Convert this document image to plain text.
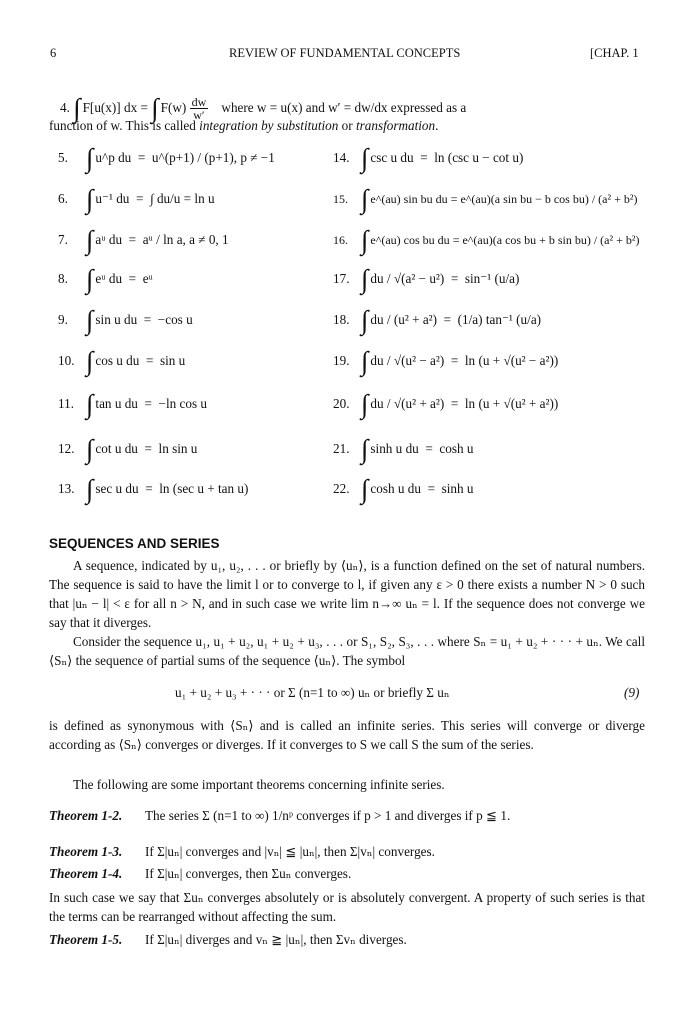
6	REVIEW OF FUNDAMENTAL CONCEPTS	[CHAP. 1
4. ∫ F[u(x)] dx = ∫ $F(w) \frac{dw}{w'}$ where w = u(x) and w′ = dw/dx expressed as a
function of w. This is called integration by substitution or transformation.
5. ∫ u^p du = u^(p+1) / (p+1), p ≠ −1
6. ∫ u⁻¹ du = ∫ du/u = ln u
7. ∫ aᵘ du = aᵘ / ln a, a ≠ 0, 1
8. ∫ eᵘ du = eᵘ
9. ∫ sin u du = −cos u
10. ∫ cos u du = sin u
11. ∫ tan u du = −ln cos u
12. ∫ cot u du = ln sin u
13. ∫ sec u du = ln (sec u + tan u)
14. ∫ csc u du = ln (csc u − cot u)
15. ∫ e^(au) sin bu du = e^(au)(a sin bu − b cos bu) / (a² + b²)
16. ∫ e^(au) cos bu du = e^(au)(a cos bu + b sin bu) / (a² + b²)
17. ∫ du / √(a² − u²) = sin⁻¹ (u/a)
18. ∫ du / (u² + a²) = (1/a) tan⁻¹ (u/a)
19. ∫ du / √(u² − a²) = ln (u + √(u² − a²))
20. ∫ du / √(u² + a²) = ln (u + √(u² + a²))
21. ∫ sinh u du = cosh u
22. ∫ cosh u du = sinh u
SEQUENCES AND SERIES
A sequence, indicated by u₁, u₂, . . . or briefly by ⟨uₙ⟩, is a function defined on the set of natural numbers. The sequence is said to have the limit l or to converge to l, if given any ε > 0 there exists a number N > 0 such that |uₙ − l| < ε for all n > N, and in such case we write lim n→∞ uₙ = l. If the sequence does not converge we say that it diverges.
Consider the sequence u₁, u₁ + u₂, u₁ + u₂ + u₃, . . . or S₁, S₂, S₃, . . . where Sₙ = u₁ + u₂ + · · · + uₙ. We call ⟨Sₙ⟩ the sequence of partial sums of the sequence ⟨uₙ⟩. The symbol
u₁ + u₂ + u₃ + · · · or Σ (n=1 to ∞) uₙ or briefly Σ uₙ	(9)
is defined as synonymous with ⟨Sₙ⟩ and is called an infinite series. This series will converge or diverge according as ⟨Sₙ⟩ converges or diverges. If it converges to S we call S the sum of the series.
The following are some important theorems concerning infinite series.
Theorem 1-2. The series Σ (n=1 to ∞) 1/nᵖ converges if p > 1 and diverges if p ≦ 1.
Theorem 1-3. If Σ|uₙ| converges and |vₙ| ≦ |uₙ|, then Σ|vₙ| converges.
Theorem 1-4. If Σ|uₙ| converges, then Σuₙ converges.
In such case we say that Σuₙ converges absolutely or is absolutely convergent. A property of such series is that the terms can be rearranged without affecting the sum.
Theorem 1-5. If Σ|uₙ| diverges and vₙ ≧ |uₙ|, then Σvₙ diverges.
